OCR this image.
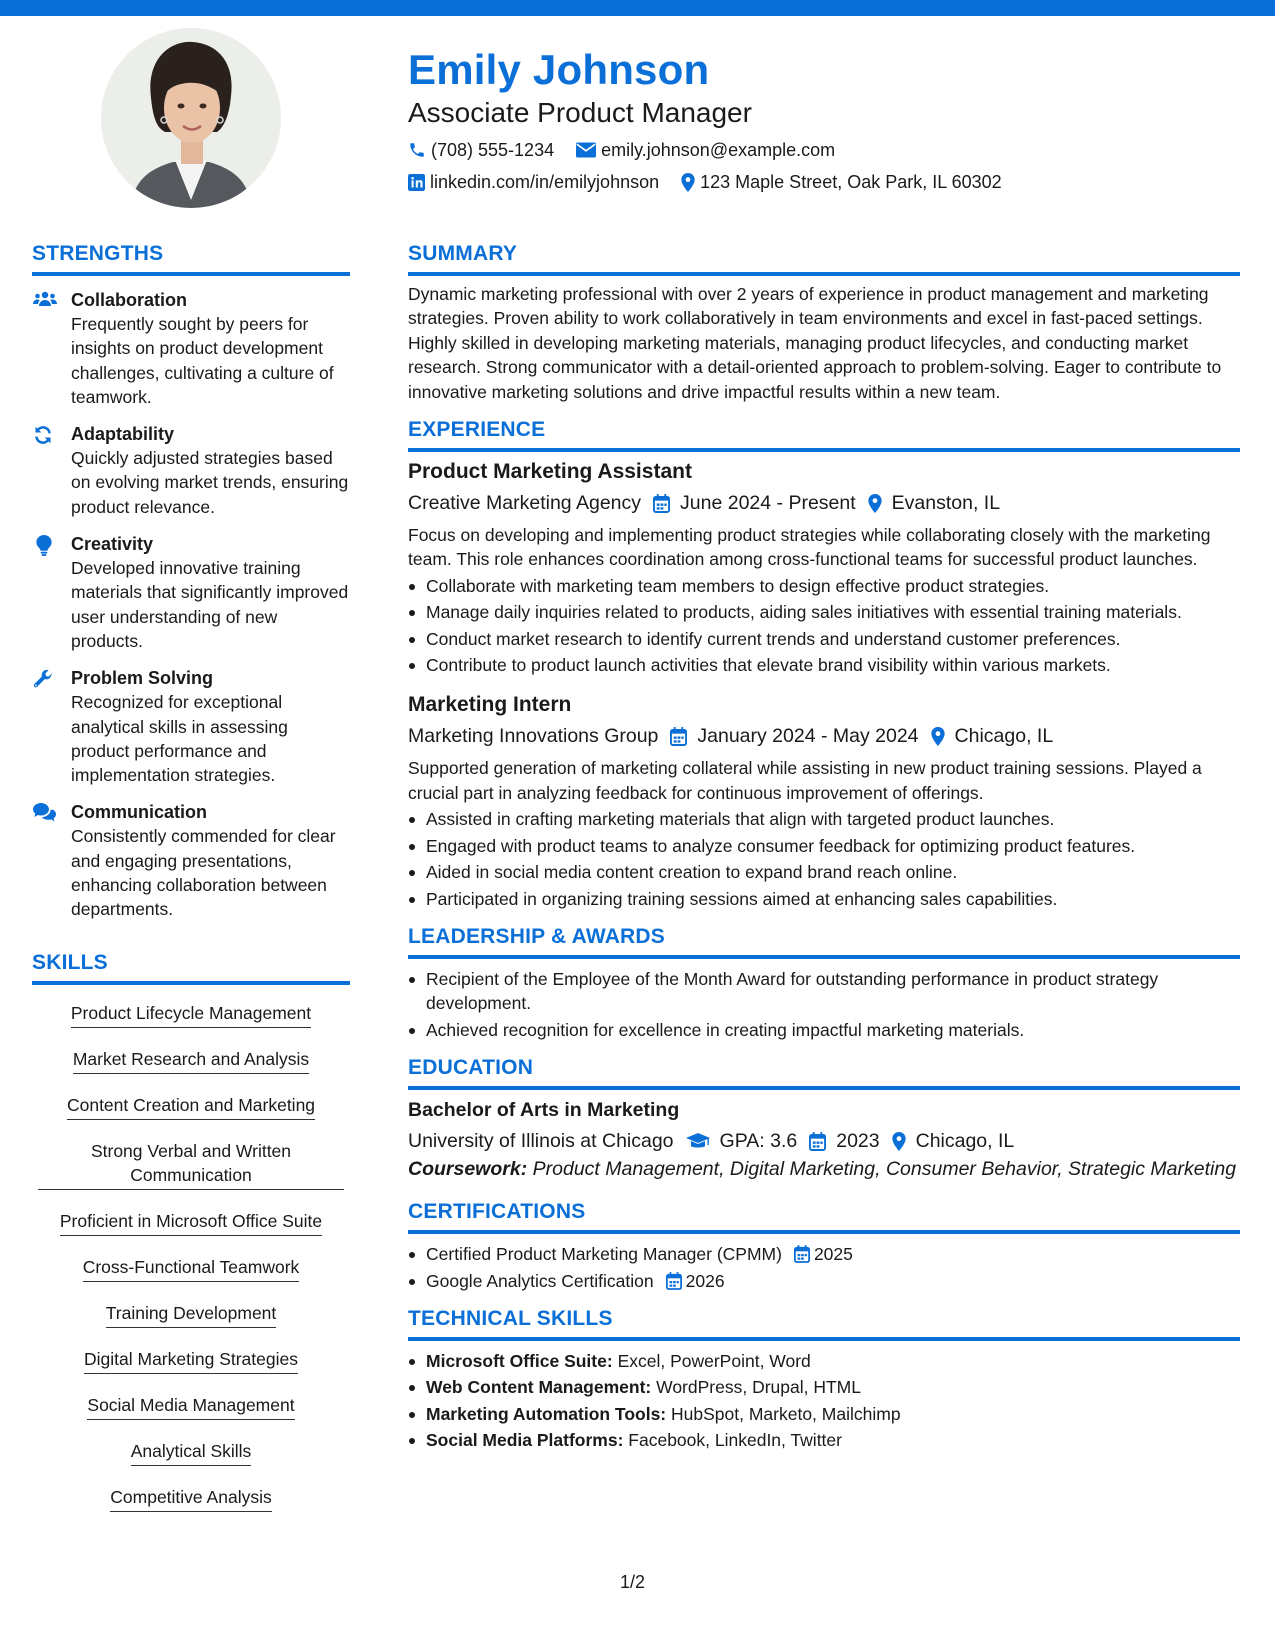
Emily Johnson
Associate Product Manager
(708) 555-1234	emily.johnson@example.com
linkedin.com/in/emilyjohnson 123 Maple Street, Oak Park, IL 60302
STRENGTHS
Collaboration
Frequently sought by peers for insights on product development challenges, cultivating a culture of teamwork.
Adaptability
Quickly adjusted strategies based on evolving market trends, ensuring product relevance.
Creativity
Developed innovative training materials that significantly improved user understanding of new products.
Problem Solving
Recognized for exceptional analytical skills in assessing product performance and implementation strategies.
Communication
Consistently commended for clear and engaging presentations, enhancing collaboration between departments.
SKILLS
Product Lifecycle Management
Market Research and Analysis
Content Creation and Marketing
Strong Verbal and Written Communication
Proficient in Microsoft Office Suite
Cross-Functional Teamwork
Training Development
Digital Marketing Strategies
Social Media Management
Analytical Skills
Competitive Analysis
SUMMARY
Dynamic marketing professional with over 2 years of experience in product management and marketing strategies. Proven ability to work collaboratively in team environments and excel in fast-paced settings. Highly skilled in developing marketing materials, managing product lifecycles, and conducting market research. Strong communicator with a detail-oriented approach to problem-solving. Eager to contribute to innovative marketing solutions and drive impactful results within a new team.
EXPERIENCE
Product Marketing Assistant
Creative Marketing Agency June 2024 - Present Evanston, IL
Focus on developing and implementing product strategies while collaborating closely with the marketing team. This role enhances coordination among cross-functional teams for successful product launches.
Collaborate with marketing team members to design effective product strategies.
Manage daily inquiries related to products, aiding sales initiatives with essential training materials.
Conduct market research to identify current trends and understand customer preferences.
Contribute to product launch activities that elevate brand visibility within various markets.
Marketing Intern
Marketing Innovations Group January 2024 - May 2024 Chicago, IL
Supported generation of marketing collateral while assisting in new product training sessions. Played a crucial part in analyzing feedback for continuous improvement of offerings.
Assisted in crafting marketing materials that align with targeted product launches.
Engaged with product teams to analyze consumer feedback for optimizing product features.
Aided in social media content creation to expand brand reach online.
Participated in organizing training sessions aimed at enhancing sales capabilities.
LEADERSHIP & AWARDS
Recipient of the Employee of the Month Award for outstanding performance in product strategy development.
Achieved recognition for excellence in creating impactful marketing materials.
EDUCATION
Bachelor of Arts in Marketing
University of Illinois at Chicago GPA: 3.6 2023 Chicago, IL
Coursework: Product Management, Digital Marketing, Consumer Behavior, Strategic Marketing
CERTIFICATIONS
Certified Product Marketing Manager (CPMM) 2025
Google Analytics Certification 2026
TECHNICAL SKILLS
Microsoft Office Suite: Excel, PowerPoint, Word
Web Content Management: WordPress, Drupal, HTML
Marketing Automation Tools: HubSpot, Marketo, Mailchimp
Social Media Platforms: Facebook, LinkedIn, Twitter
1/2
